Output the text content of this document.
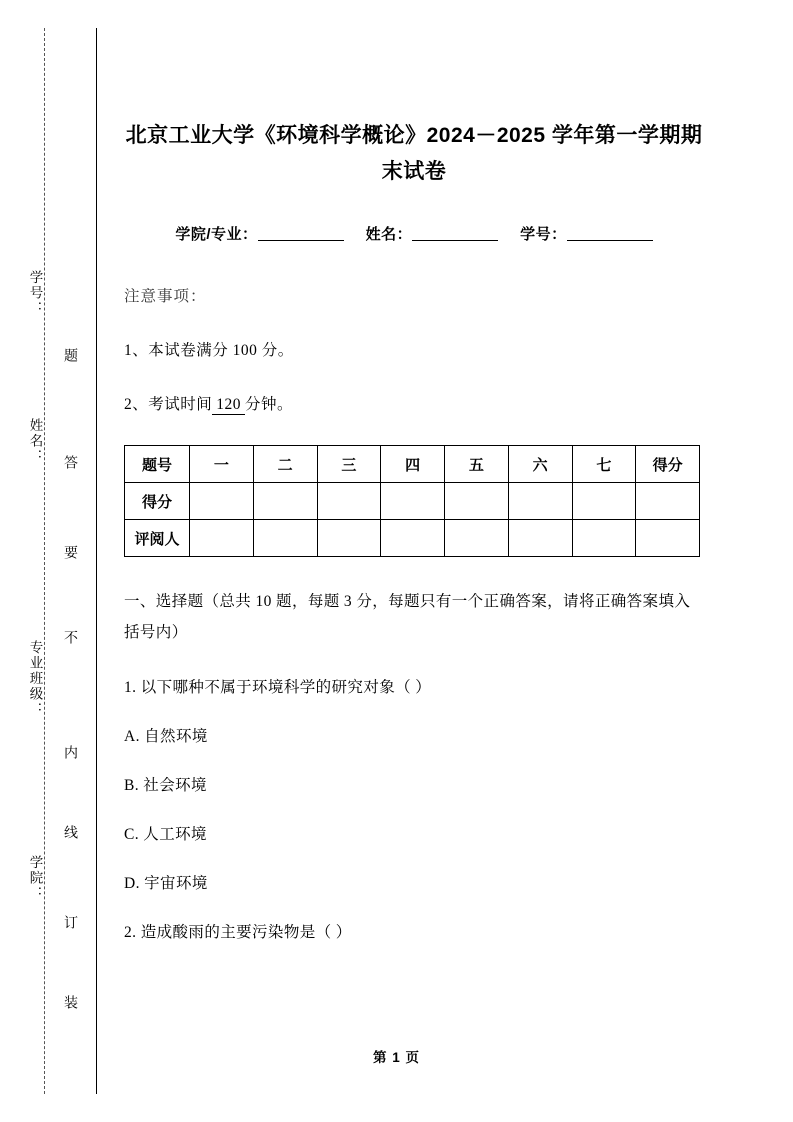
学号：
姓名：
专业班级：
学院：
题
答
要
不
内
线
订
装
北京工业大学《环境科学概论》2024－2025 学年第一学期期末试卷
学院/专业：	姓名：	学号：
注意事项：
1、本试卷满分 100 分。
2、考试时间 120 分钟。
题号	一	二	三	四	五	六	七	得分
得分								
评阅人								
一、选择题（总共 10 题，每题 3 分，每题只有一个正确答案，请将正确答案填入括号内）
1. 以下哪种不属于环境科学的研究对象（ ）
A. 自然环境
B. 社会环境
C. 人工环境
D. 宇宙环境
2. 造成酸雨的主要污染物是（ ）
第 1 页
